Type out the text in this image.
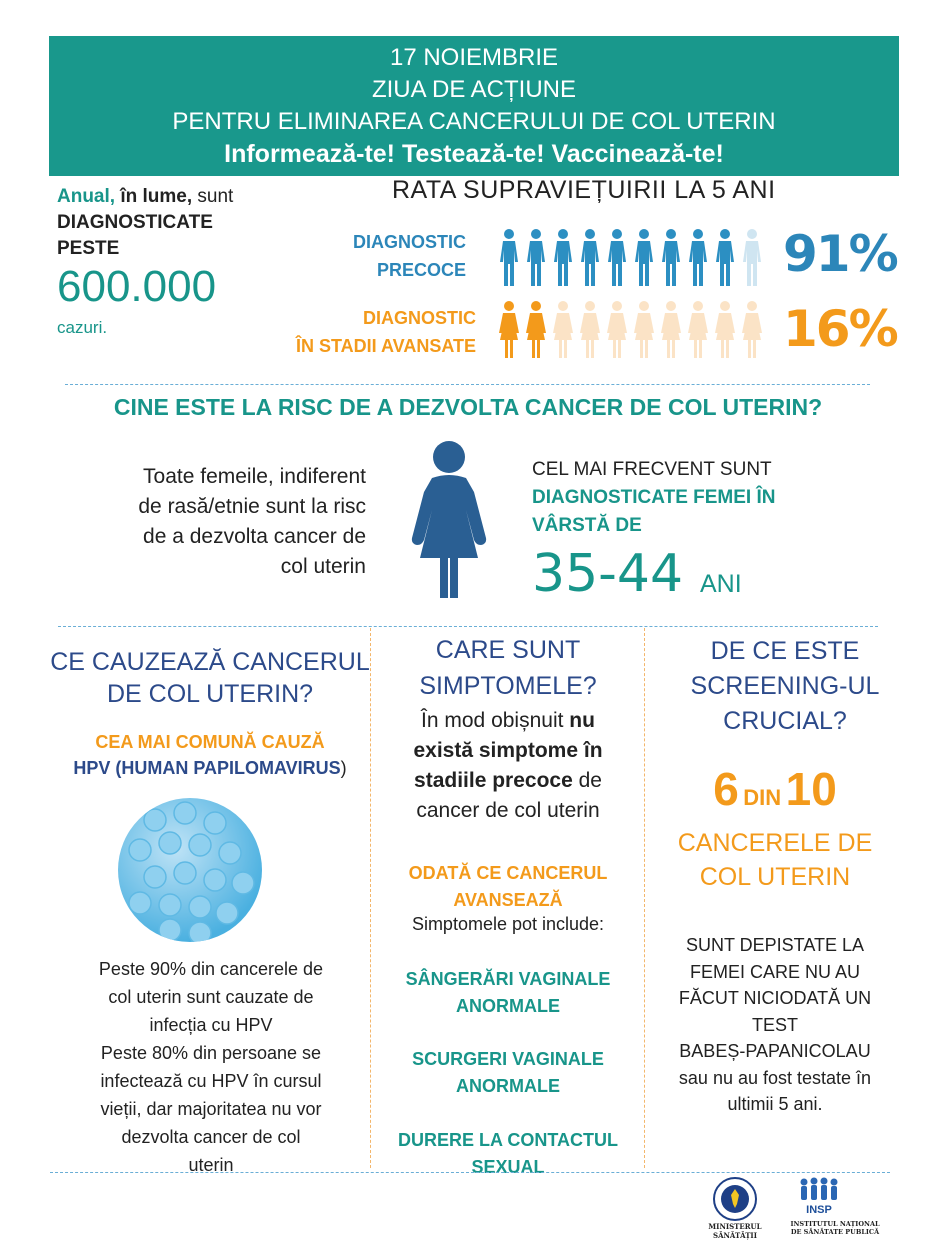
17 NOIEMBRIE
ZIUA DE ACȚIUNE
PENTRU ELIMINAREA CANCERULUI DE COL UTERIN
Informează-te! Testează-te! Vaccinează-te!
Anual, în lume, sunt
DIAGNOSTICATE
PESTE
600.000
cazuri.
RATA SUPRAVIEȚUIRII LA 5 ANI
DIAGNOSTIC
PRECOCE	91%
DIAGNOSTIC
ÎN STADII AVANSATE	16%
CINE ESTE LA RISC DE A DEZVOLTA CANCER DE COL UTERIN?
Toate femeile, indiferent
de rasă/etnie sunt la risc
de a dezvolta cancer de
col uterin
CEL MAI FRECVENT SUNT
DIAGNOSTICATE FEMEI ÎN
VÂRSTĂ DE
35-44 ANI
CE CAUZEAZĂ CANCERUL
DE COL UTERIN?
CEA MAI COMUNĂ CAUZĂ
HPV (HUMAN PAPILOMAVIRUS)
Peste 90% din cancerele de
col uterin sunt cauzate de
infecția cu HPV
Peste 80% din persoane se
infectează cu HPV în cursul
vieții, dar majoritatea nu vor
dezvolta cancer de col
uterin
CARE SUNT
SIMPTOMELE?
În mod obișnuit nu
există simptome în
stadiile precoce de
cancer de col uterin
ODATĂ CE CANCERUL
AVANSEAZĂ
Simptomele pot include:
SÂNGERĂRI VAGINALE
ANORMALE
SCURGERI VAGINALE
ANORMALE
DURERE LA CONTACTUL
SEXUAL
DE CE ESTE
SCREENING-UL
CRUCIAL?
6 DIN 10
CANCERELE DE
COL UTERIN
SUNT DEPISTATE LA
FEMEI CARE NU AU
FĂCUT NICIODATĂ UN
TEST
BABEȘ-PAPANICOLAU
sau nu au fost testate în
ultimii 5 ani.
MINISTERUL SĂNĂTĂȚII
INSP
INSTITUTUL NAȚIONAL
DE SĂNĂTATE PUBLICĂ
